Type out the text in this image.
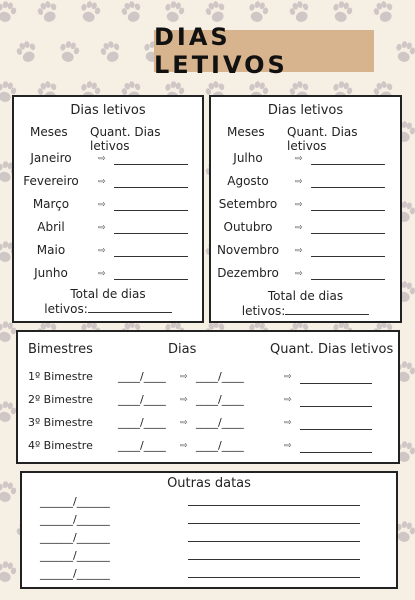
DIAS LETIVOS
Dias letivos
Meses Quant. Dias letivos
Janeiro	⇨
Fevereiro	⇨
Março	⇨
Abril	⇨
Maio	⇨
Junho	⇨
Total de dias
letivos:
Dias letivos
Meses Quant. Dias letivos
Julho	⇨
Agosto	⇨
Setembro	⇨
Outubro	⇨
Novembro ⇨
Dezembro ⇨
Total de dias
letivos:
Bimestres	Dias	Quant. Dias letivos
1º Bimestre ____/____ ⇨ ____/____	⇨
2º Bimestre ____/____ ⇨ ____/____	⇨
3º Bimestre ____/____ ⇨ ____/____	⇨
4º Bimestre ____/____ ⇨ ____/____	⇨
Outras datas
______/______
______/______
______/______
______/______
______/______
